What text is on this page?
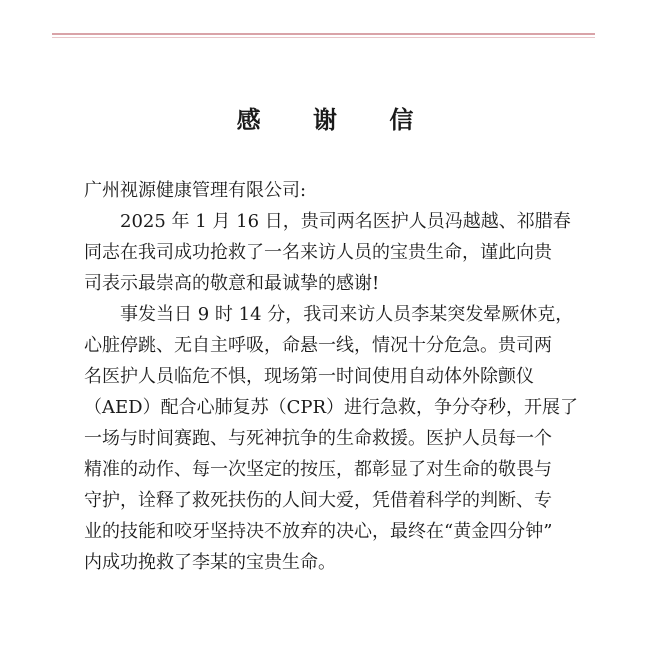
感 谢 信

广州视源健康管理有限公司:

2025 年 1 月 16 日，贵司两名医护人员冯越越、祁腊春
同志在我司成功抢救了一名来访人员的宝贵生命，谨此向贵
司表示最崇高的敬意和最诚挚的感谢!

事发当日 9 时 14 分，我司来访人员李某突发晕厥休克，
心脏停跳、无自主呼吸，命悬一线，情况十分危急。贵司两
名医护人员临危不惧，现场第一时间使用自动体外除颤仪
（AED）配合心肺复苏（CPR）进行急救，争分夺秒，开展了
一场与时间赛跑、与死神抗争的生命救援。医护人员每一个
精准的动作、每一次坚定的按压，都彰显了对生命的敬畏与
守护，诠释了救死扶伤的人间大爱，凭借着科学的判断、专
业的技能和咬牙坚持决不放弃的决心，最终在“黄金四分钟”
内成功挽救了李某的宝贵生命。
